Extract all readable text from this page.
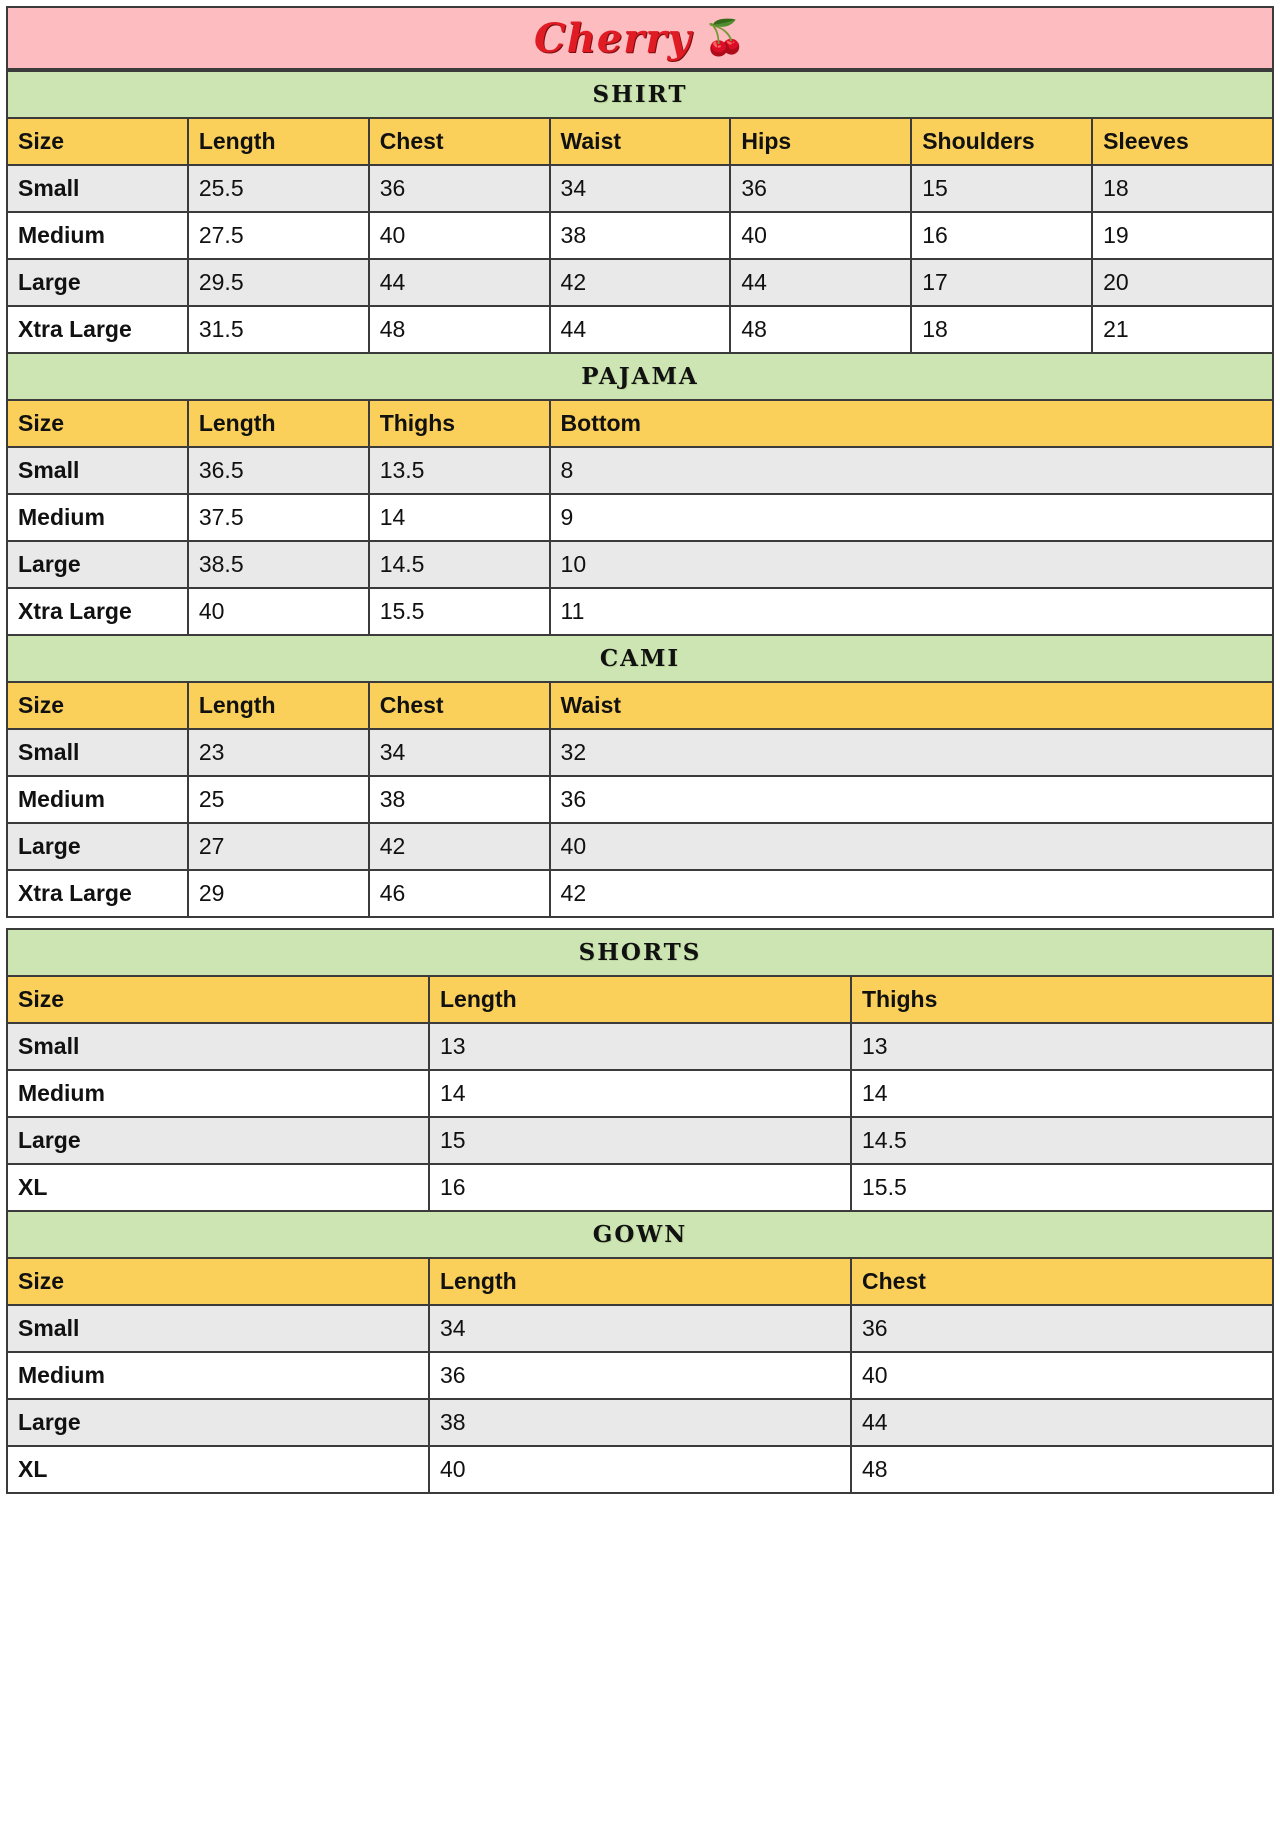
Cherry 🍒
SHIRT						
Size	Length	Chest	Waist	Hips	Shoulders	Sleeves
Small	25.5	36	34	36	15	18
Medium	27.5	40	38	40	16	19
Large	29.5	44	42	44	17	20
Xtra Large	31.5	48	44	48	18	21
PAJAMA						
Size	Length	Thighs	Bottom			
Small	36.5	13.5	8			
Medium	37.5	14	9			
Large	38.5	14.5	10			
Xtra Large	40	15.5	11			
CAMI						
Size	Length	Chest	Waist			
Small	23	34	32			
Medium	25	38	36			
Large	27	42	40			
Xtra Large	29	46	42			
SHORTS		
Size	Length	Thighs
Small	13	13
Medium	14	14
Large	15	14.5
XL	16	15.5
GOWN		
Size	Length	Chest
Small	34	36
Medium	36	40
Large	38	44
XL	40	48
